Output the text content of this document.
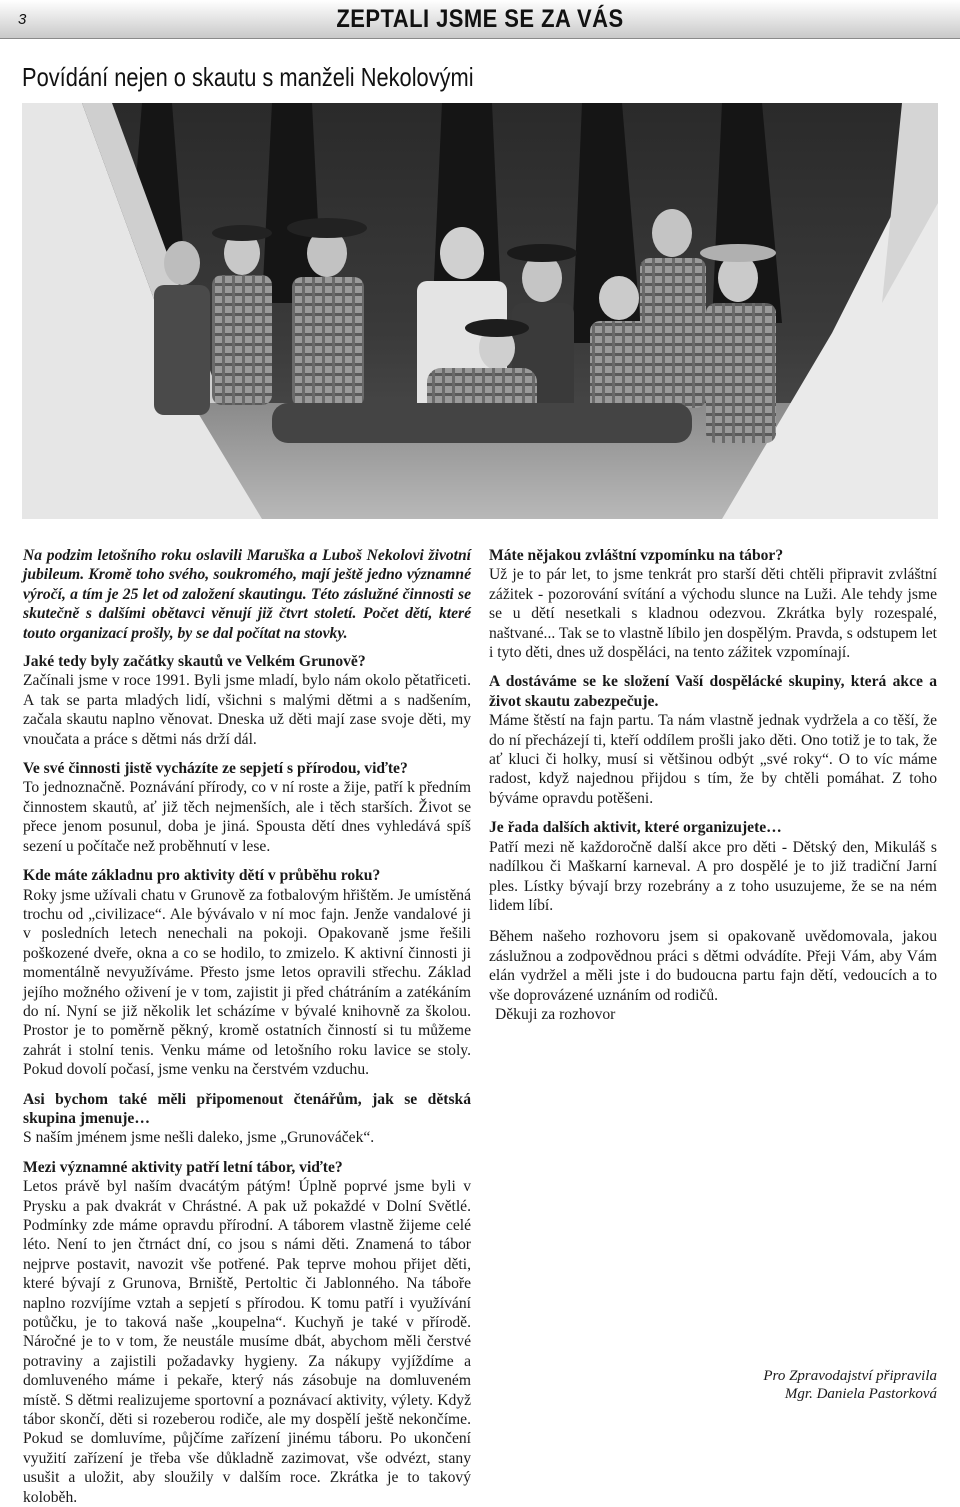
3	ZEPTALI JSME SE ZA VÁS
Povídání nejen o skautu s manželi Nekolovými

Na podzim letošního roku oslavili Maruška a Luboš Nekolovi životní jubileum. Kromě toho svého, soukromého, mají ještě jedno významné výročí, a tím je 25 let od založení skautingu. Této záslužné činnosti se skutečně s dalšími obětavci věnují již čtvrt století. Počet dětí, které touto organizací prošly, by se dal počítat na stovky.

Jaké tedy byly začátky skautů ve Velkém Grunově?

Začínali jsme v roce 1991. Byli jsme mladí, bylo nám okolo pětatřiceti. A tak se parta mladých lidí, všichni s malými dětmi a s nadšením, začala skautu naplno věnovat. Dneska už děti mají zase svoje děti, my vnoučata a práce s dětmi nás drží dál.

Ve své činnosti jistě vycházíte ze sepjetí s přírodou, viďte?

To jednoznačně. Poznávání přírody, co v ní roste a žije, patří k předním činnostem skautů, ať již těch nejmenších, ale i těch starších. Život se přece jenom posunul, doba je jiná. Spousta dětí dnes vyhledává spíš sezení u počítače než proběhnutí v lese.

Kde máte základnu pro aktivity dětí v průběhu roku?

Roky jsme užívali chatu v Grunově za fotbalovým hřištěm. Je umístěná trochu od „civilizace“. Ale bývávalo v ní moc fajn. Jenže vandalové ji v posledních letech nenechali na pokoji. Opakovaně jsme řešili poškozené dveře, okna a co se hodilo, to zmizelo. K aktivní činnosti ji momentálně nevyužíváme. Přesto jsme letos opravili střechu. Základ jejího možného oživení je v tom, zajistit ji před chátráním a zatékáním do ní. Nyní se již několik let scházíme v bývalé knihovně za školou. Prostor je to poměrně pěkný, kromě ostatních činností si tu můžeme zahrát i stolní tenis. Venku máme od letošního roku lavice se stoly. Pokud dovolí počasí, jsme venku na čerstvém vzduchu.

Asi bychom také měli připomenout čtenářům, jak se dětská skupina jmenuje…

S naším jménem jsme nešli daleko, jsme „Grunováček“.

Mezi významné aktivity patří letní tábor, viďte?

Letos právě byl naším dvacátým pátým! Úplně poprvé jsme byli v Prysku a pak dvakrát v Chrástné. A pak už pokaždé v Dolní Světlé. Podmínky zde máme opravdu přírodní. A táborem vlastně žijeme celé léto. Není to jen čtrnáct dní, co jsou s námi děti. Znamená to tábor nejprve postavit, navozit vše potřené. Pak teprve mohou přijet děti, které bývají z Grunova, Brniště, Pertoltic či Jablonného. Na táboře naplno rozvíjíme vztah a sepjetí s přírodou. K tomu patří i využívání potůčku, je to taková naše „koupelna“. Kuchyň je také v přírodě. Náročné je to v tom, že neustále musíme dbát, abychom měli čerstvé potraviny a zajistili požadavky hygieny. Za nákupy vyjíždíme a domluveného máme i pekaře, který nás zásobuje na domluveném místě. S dětmi realizujeme sportovní a poznávací aktivity, výlety. Když tábor skončí, děti si rozeberou rodiče, ale my dospělí ještě nekončíme. Pokud se domluvíme, půjčíme zařízení jinému táboru. Po ukončení využití zařízení je třeba vše důkladně zazimovat, vše odvézt, stany usušit a uložit, aby sloužily v dalším roce. Zkrátka je to takový koloběh.

Máte nějakou zvláštní vzpomínku na tábor?

Už je to pár let, to jsme tenkrát pro starší děti chtěli připravit zvláštní zážitek - pozorování svítání a východu slunce na Luži. Ale tehdy jsme se u dětí nesetkali s kladnou odezvou. Zkrátka byly rozespalé, naštvané... Tak se to vlastně líbilo jen dospělým. Pravda, s odstupem let i tyto děti, dnes už dospěláci, na tento zážitek vzpomínají.

A dostáváme se ke složení Vaší dospělácké skupiny, která akce a život skautu zabezpečuje.

Máme štěstí na fajn partu. Ta nám vlastně jednak vydržela a co těší, že do ní přecházejí ti, kteří oddílem prošli jako děti. Ono totiž je to tak, že ať kluci či holky, musí si většinou odbýt „své roky“. O to víc máme radost, když najednou přijdou s tím, že by chtěli pomáhat. Z toho býváme opravdu potěšeni.

Je řada dalších aktivit, které organizujete…

Patří mezi ně každoročně další akce pro děti - Dětský den, Mikuláš s nadílkou či Maškarní karneval. A pro dospělé je to již tradiční Jarní ples. Lístky bývají brzy rozebrány a z toho usuzujeme, že se na ném lidem líbí.

Během našeho rozhovoru jsem si opakovaně uvědomovala, jakou záslužnou a zodpovědnou práci s dětmi odvádíte. Přeji Vám, aby Vám elán vydržel a měli jste i do budoucna partu fajn dětí, vedoucích a to vše doprovázené uznáním od rodičů.

Děkuji za rozhovor

Pro Zpravodajství připravila
Mgr. Daniela Pastorková
